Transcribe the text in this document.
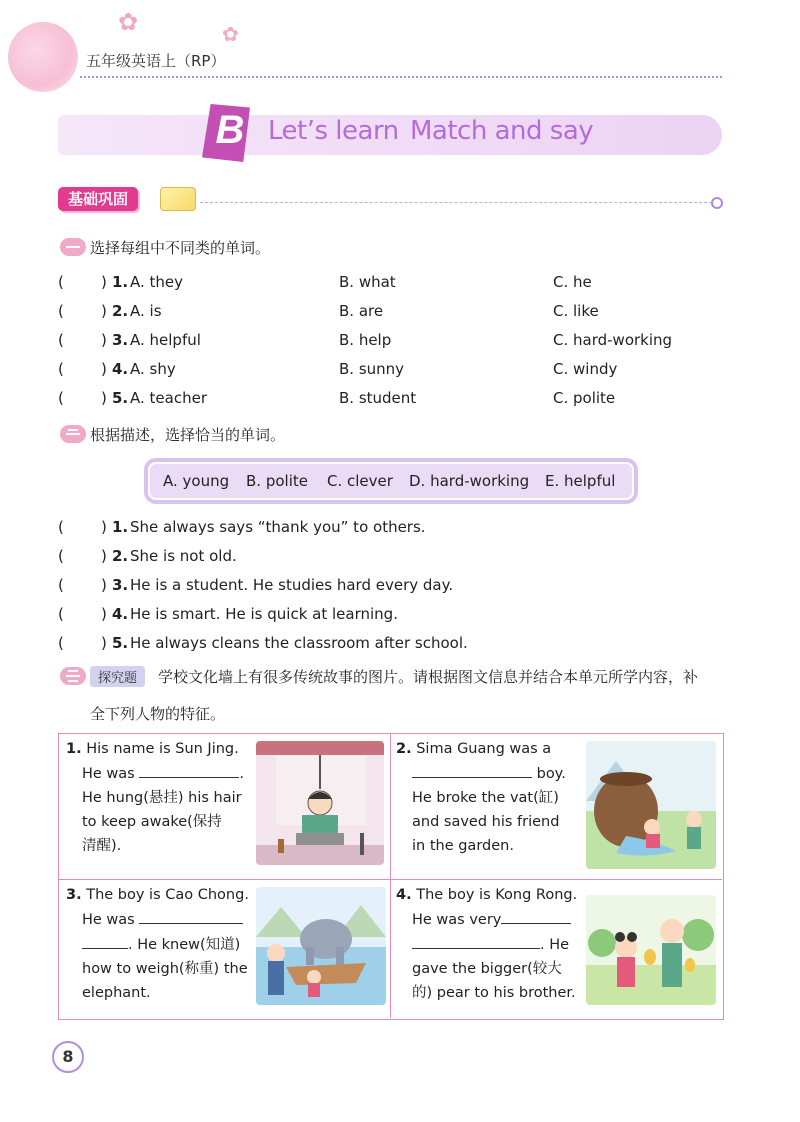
✿	✿
五年级英语上（RP）
B Let’s learn Match and say
基础巩固
选择每组中不同类的单词。
( ) 1. A. they	B. what	C. he
( ) 2. A. is	B. are	C. like
( ) 3. A. helpful	B. help	C. hard-working
( ) 4. A. shy	B. sunny	C. windy
( ) 5. A. teacher	B. student	C. polite
根据描述，选择恰当的单词。
A. young B. polite C. clever D. hard-working E. helpful
( ) 1. She always says “thank you” to others.
( ) 2. She is not old.
( ) 3. He is a student. He studies hard every day.
( ) 4. He is smart. He is quick at learning.
( ) 5. He always cleans the classroom after school.
探究题	学校文化墙上有很多传统故事的图片。请根据图文信息并结合本单元所学内容，补
全下列人物的特征。
1. His name is Sun Jing.
He was	.
He hung(悬挂) his hair
to keep awake(保持
清醒).
2. Sima Guang was a
boy.
He broke the vat(缸)
and saved his friend
in the garden.
3. The boy is Cao Chong.
He was
. He knew(知道)
how to weigh(称重) the
elephant.
4. The boy is Kong Rong.
He was very
. He
gave the bigger(较大
的) pear to his brother.
8
